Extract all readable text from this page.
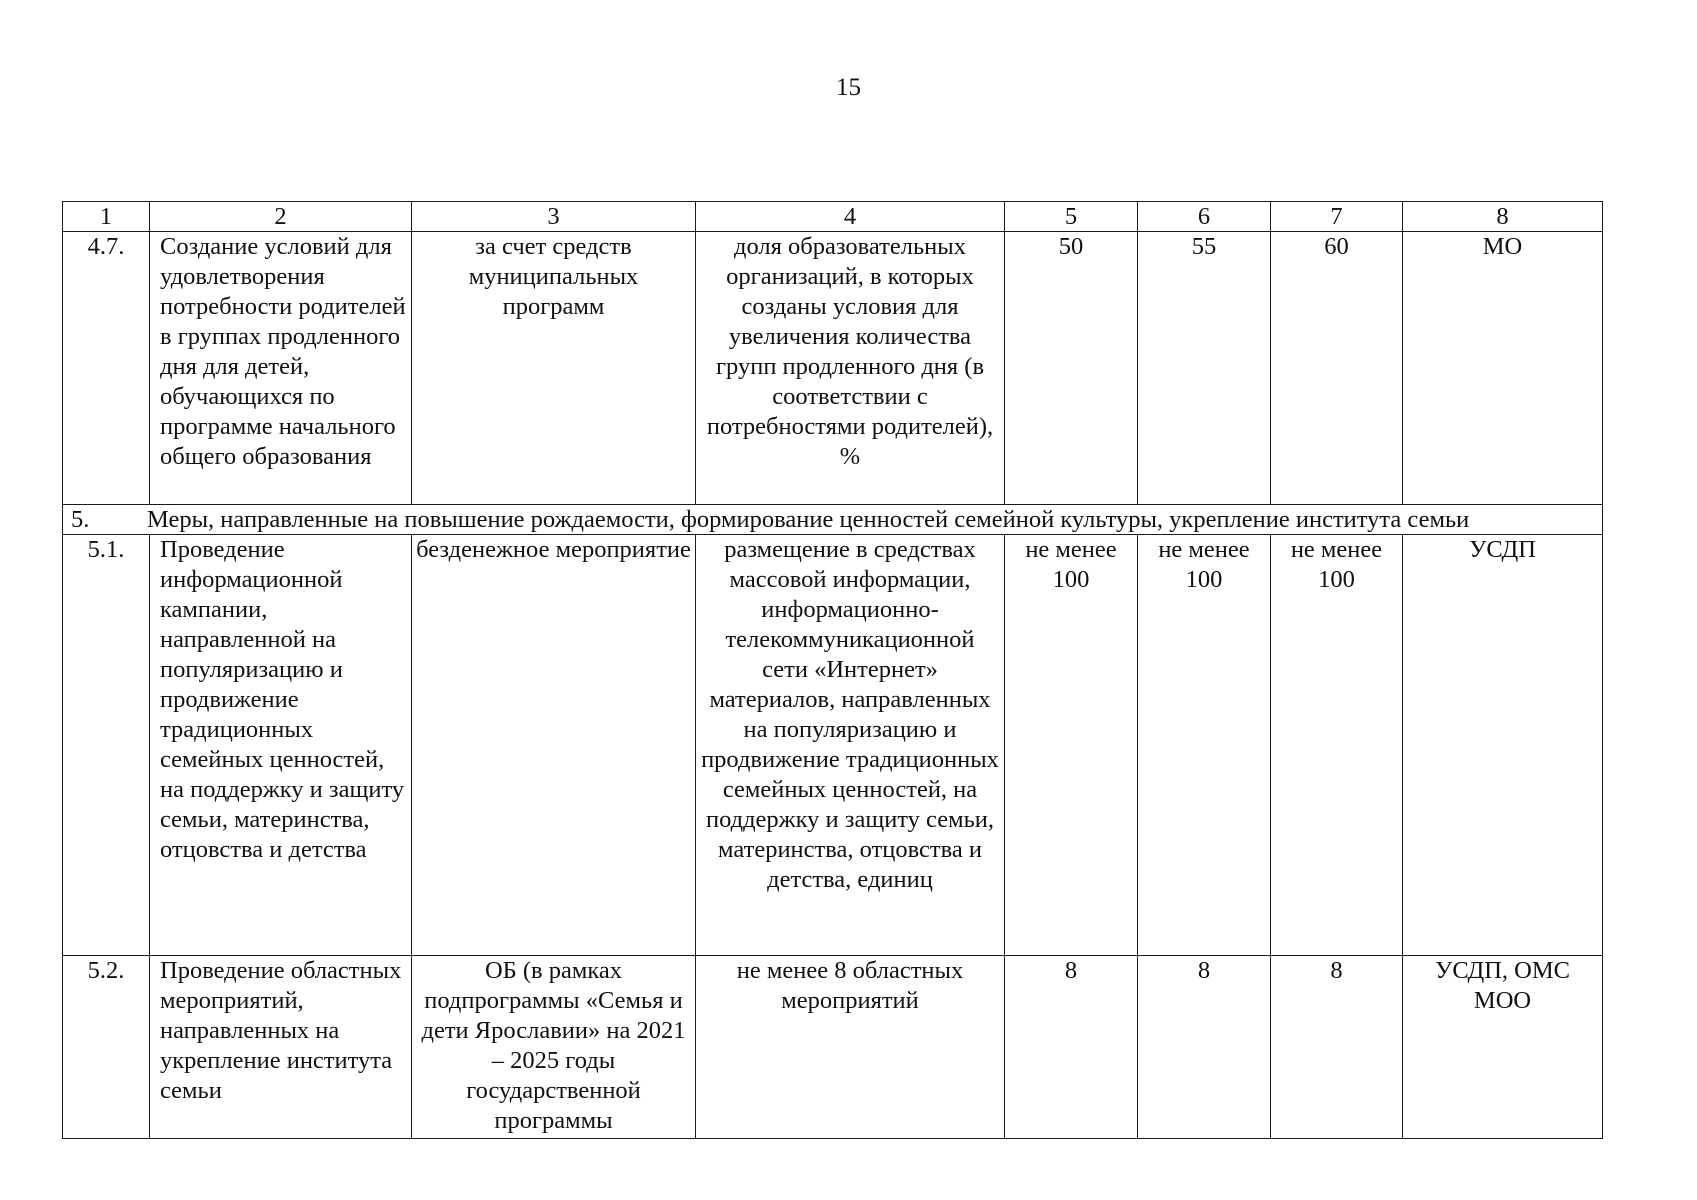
15
1	2	3	4	5	6	7	8
4.7.	Создание условий для удовлетворения потребности родителей в группах продленного дня для детей, обучающихся по программе начального общего образования	за счет средств муниципальных программ	доля образовательных организаций, в которых созданы условия для увеличения количества групп продленного дня (в соответствии с потребностями родителей), %	50	55	60	МО
5. Меры, направленные на повышение рождаемости, формирование ценностей семейной культуры, укрепление института семьи							
5.1.	Проведение информационной кампании, направленной на популяризацию и продвижение традиционных семейных ценностей, на поддержку и защиту семьи, материнства, отцовства и детства	безденежное мероприятие	размещение в средствах массовой информации, информационно-телекоммуникационной сети «Интернет» материалов, направленных на популяризацию и продвижение традиционных семейных ценностей, на поддержку и защиту семьи, материнства, отцовства и детства, единиц	не менее 100	не менее 100	не менее 100	УСДП
5.2.	Проведение областных мероприятий, направленных на укрепление института семьи	ОБ (в рамках подпрограммы «Семья и дети Ярославии» на 2021 – 2025 годы государственной программы	не менее 8 областных мероприятий	8	8	8	УСДП, ОМС МОО
